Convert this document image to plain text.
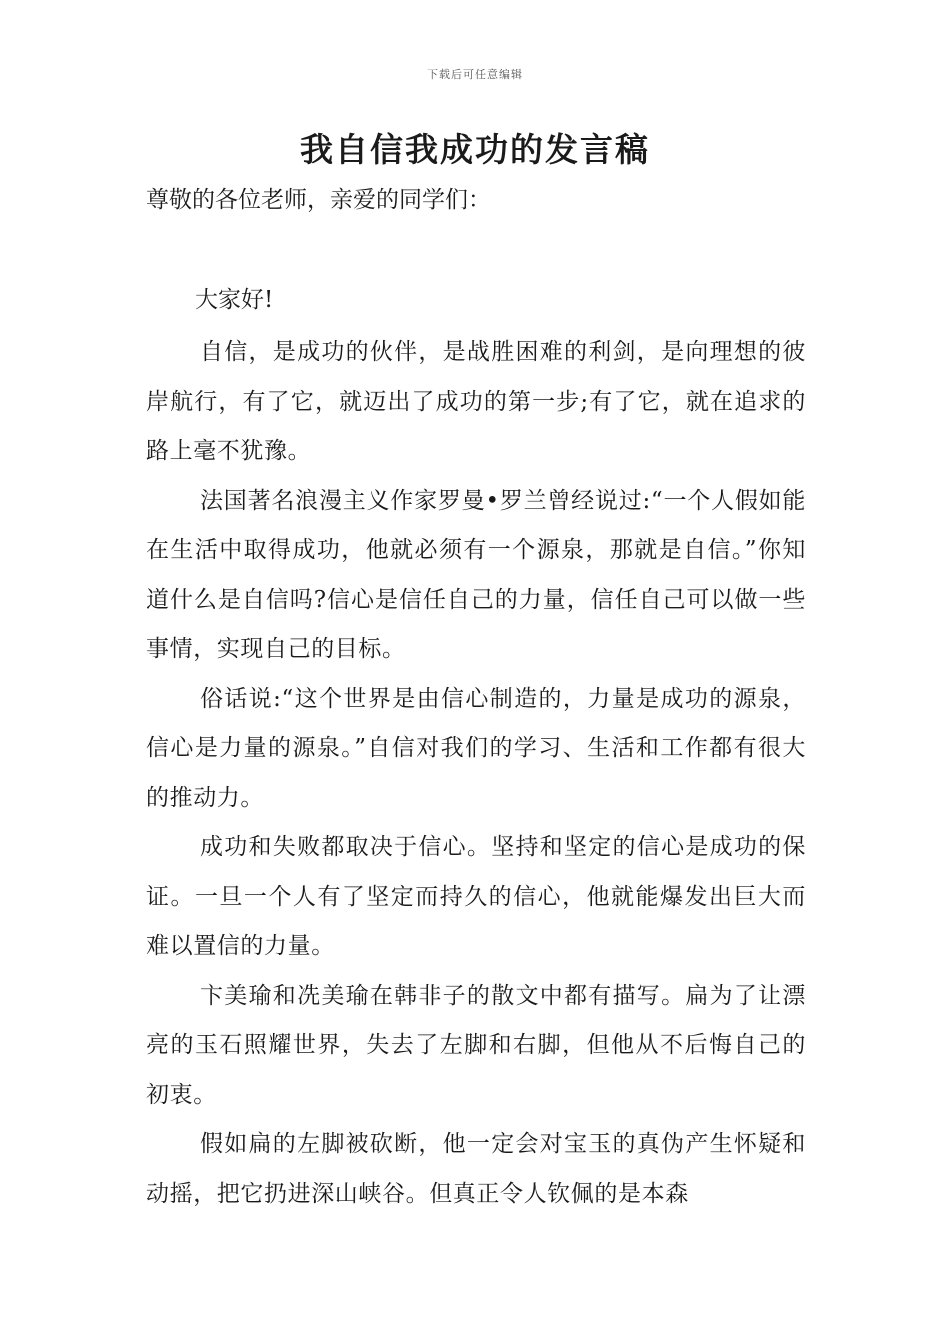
下载后可任意编辑
我自信我成功的发言稿

尊敬的各位老师，亲爱的同学们：

大家好!

自信，是成功的伙伴，是战胜困难的利剑，是向理想的彼岸航行，有了它，就迈出了成功的第一步;有了它，就在追求的路上毫不犹豫。

法国著名浪漫主义作家罗曼•罗兰曾经说过:“一个人假如能在生活中取得成功，他就必须有一个源泉，那就是自信。”你知道什么是自信吗?信心是信任自己的力量，信任自己可以做一些事情，实现自己的目标。

俗话说:“这个世界是由信心制造的，力量是成功的源泉，信心是力量的源泉。”自信对我们的学习、生活和工作都有很大的推动力。

成功和失败都取决于信心。坚持和坚定的信心是成功的保证。一旦一个人有了坚定而持久的信心，他就能爆发出巨大而难以置信的力量。

卞美瑜和冼美瑜在韩非子的散文中都有描写。扁为了让漂亮的玉石照耀世界，失去了左脚和右脚，但他从不后悔自己的初衷。

假如扁的左脚被砍断，他一定会对宝玉的真伪产生怀疑和动摇，把它扔进深山峡谷。但真正令人钦佩的是本森
